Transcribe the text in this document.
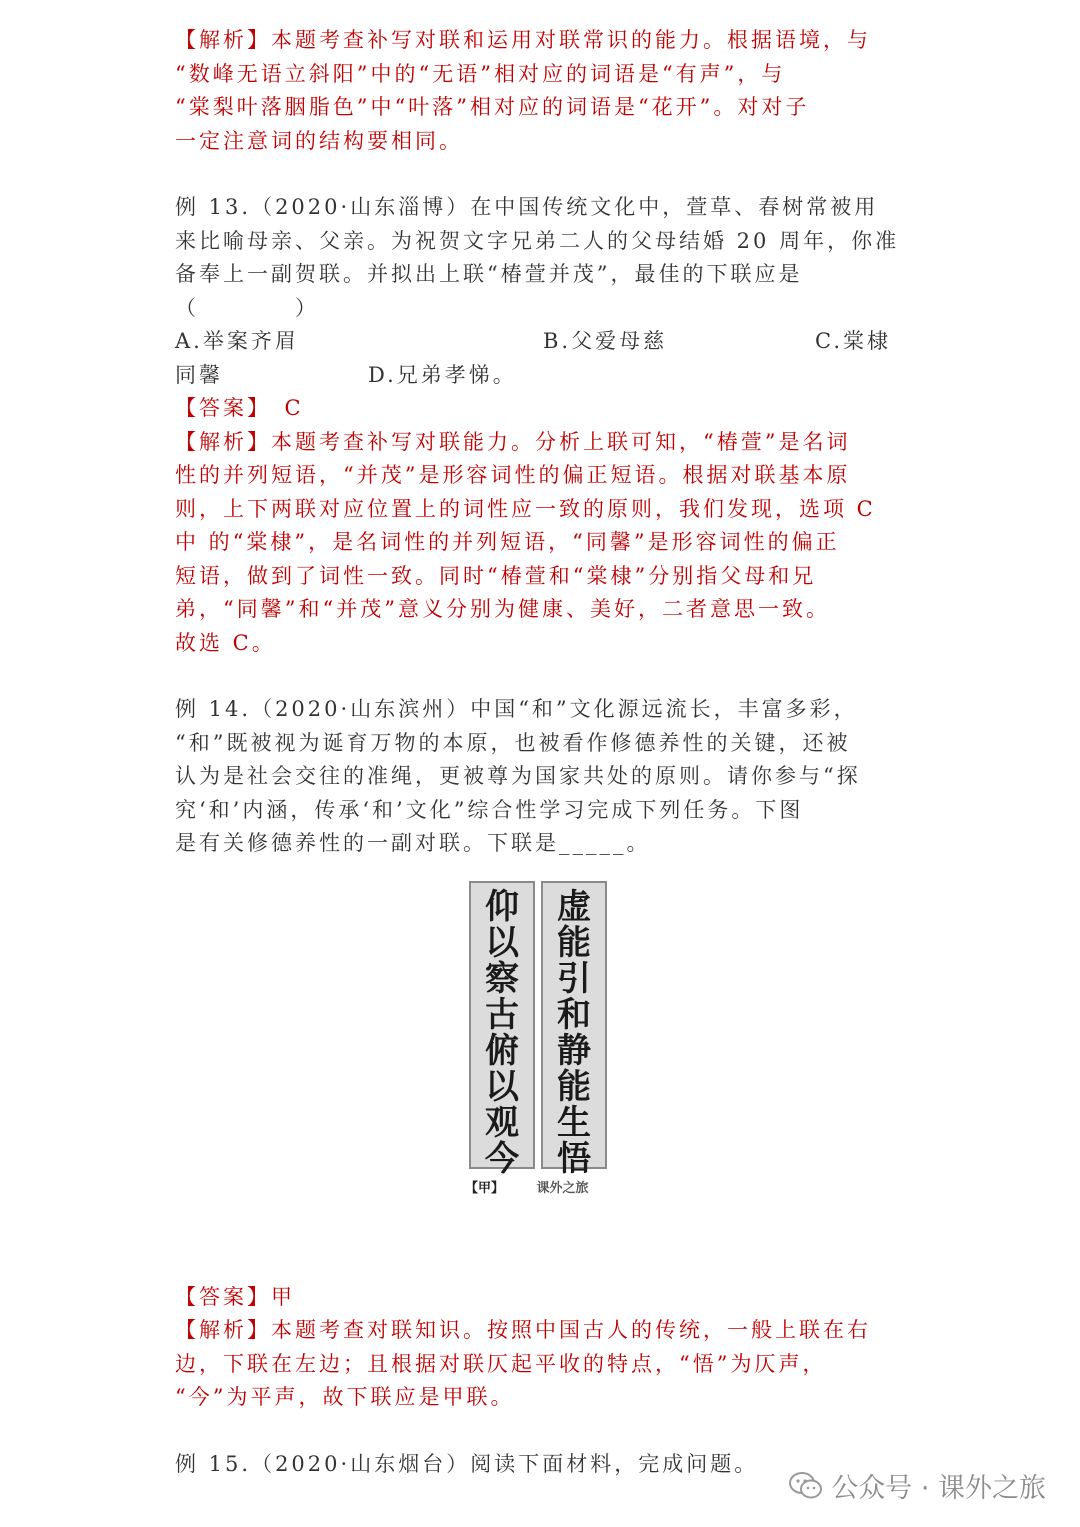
【解析】本题考查补写对联和运用对联常识的能力。根据语境，与
“数峰无语立斜阳”中的“无语”相对应的词语是“有声”，与
“棠梨叶落胭脂色”中“叶落”相对应的词语是“花开”。对对子
一定注意词的结构要相同。
例 13.（2020·山东淄博）在中国传统文化中，萱草、春树常被用
来比喻母亲、父亲。为祝贺文字兄弟二人的父母结婚 20 周年，你准
备奉上一副贺联。并拟出上联“椿萱并茂”，最佳的下联应是
（　　　　）
A.举案齐眉	B.父爱母慈	C.棠棣
同馨	D.兄弟孝悌。
【答案】　C
【解析】本题考查补写对联能力。分析上联可知，“椿萱”是名词
性的并列短语，“并茂”是形容词性的偏正短语。根据对联基本原
则，上下两联对应位置上的词性应一致的原则，我们发现，选项 C
中 的“棠棣”，是名词性的并列短语，“同馨”是形容词性的偏正
短语，做到了词性一致。同时“椿萱和“棠棣”分别指父母和兄
弟，“同馨”和“并茂”意义分别为健康、美好，二者意思一致。
故选 C。
例 14.（2020·山东滨州）中国“和”文化源远流长，丰富多彩，
“和”既被视为诞育万物的本原，也被看作修德养性的关键，还被
认为是社会交往的准绳，更被尊为国家共处的原则。请你参与“探
究‘和’内涵，传承‘和’文化”综合性学习完成下列任务。下图
是有关修德养性的一副对联。下联是_____。
仰
以
察
古
俯
以
观
今
虚
能
引
和
静
能
生
悟
【甲】	课外之旅
【答案】甲
【解析】本题考查对联知识。按照中国古人的传统，一般上联在右
边，下联在左边；且根据对联仄起平收的特点，“悟”为仄声，
“今”为平声，故下联应是甲联。
例 15.（2020·山东烟台）阅读下面材料，完成问题。
公众号 · 课外之旅
